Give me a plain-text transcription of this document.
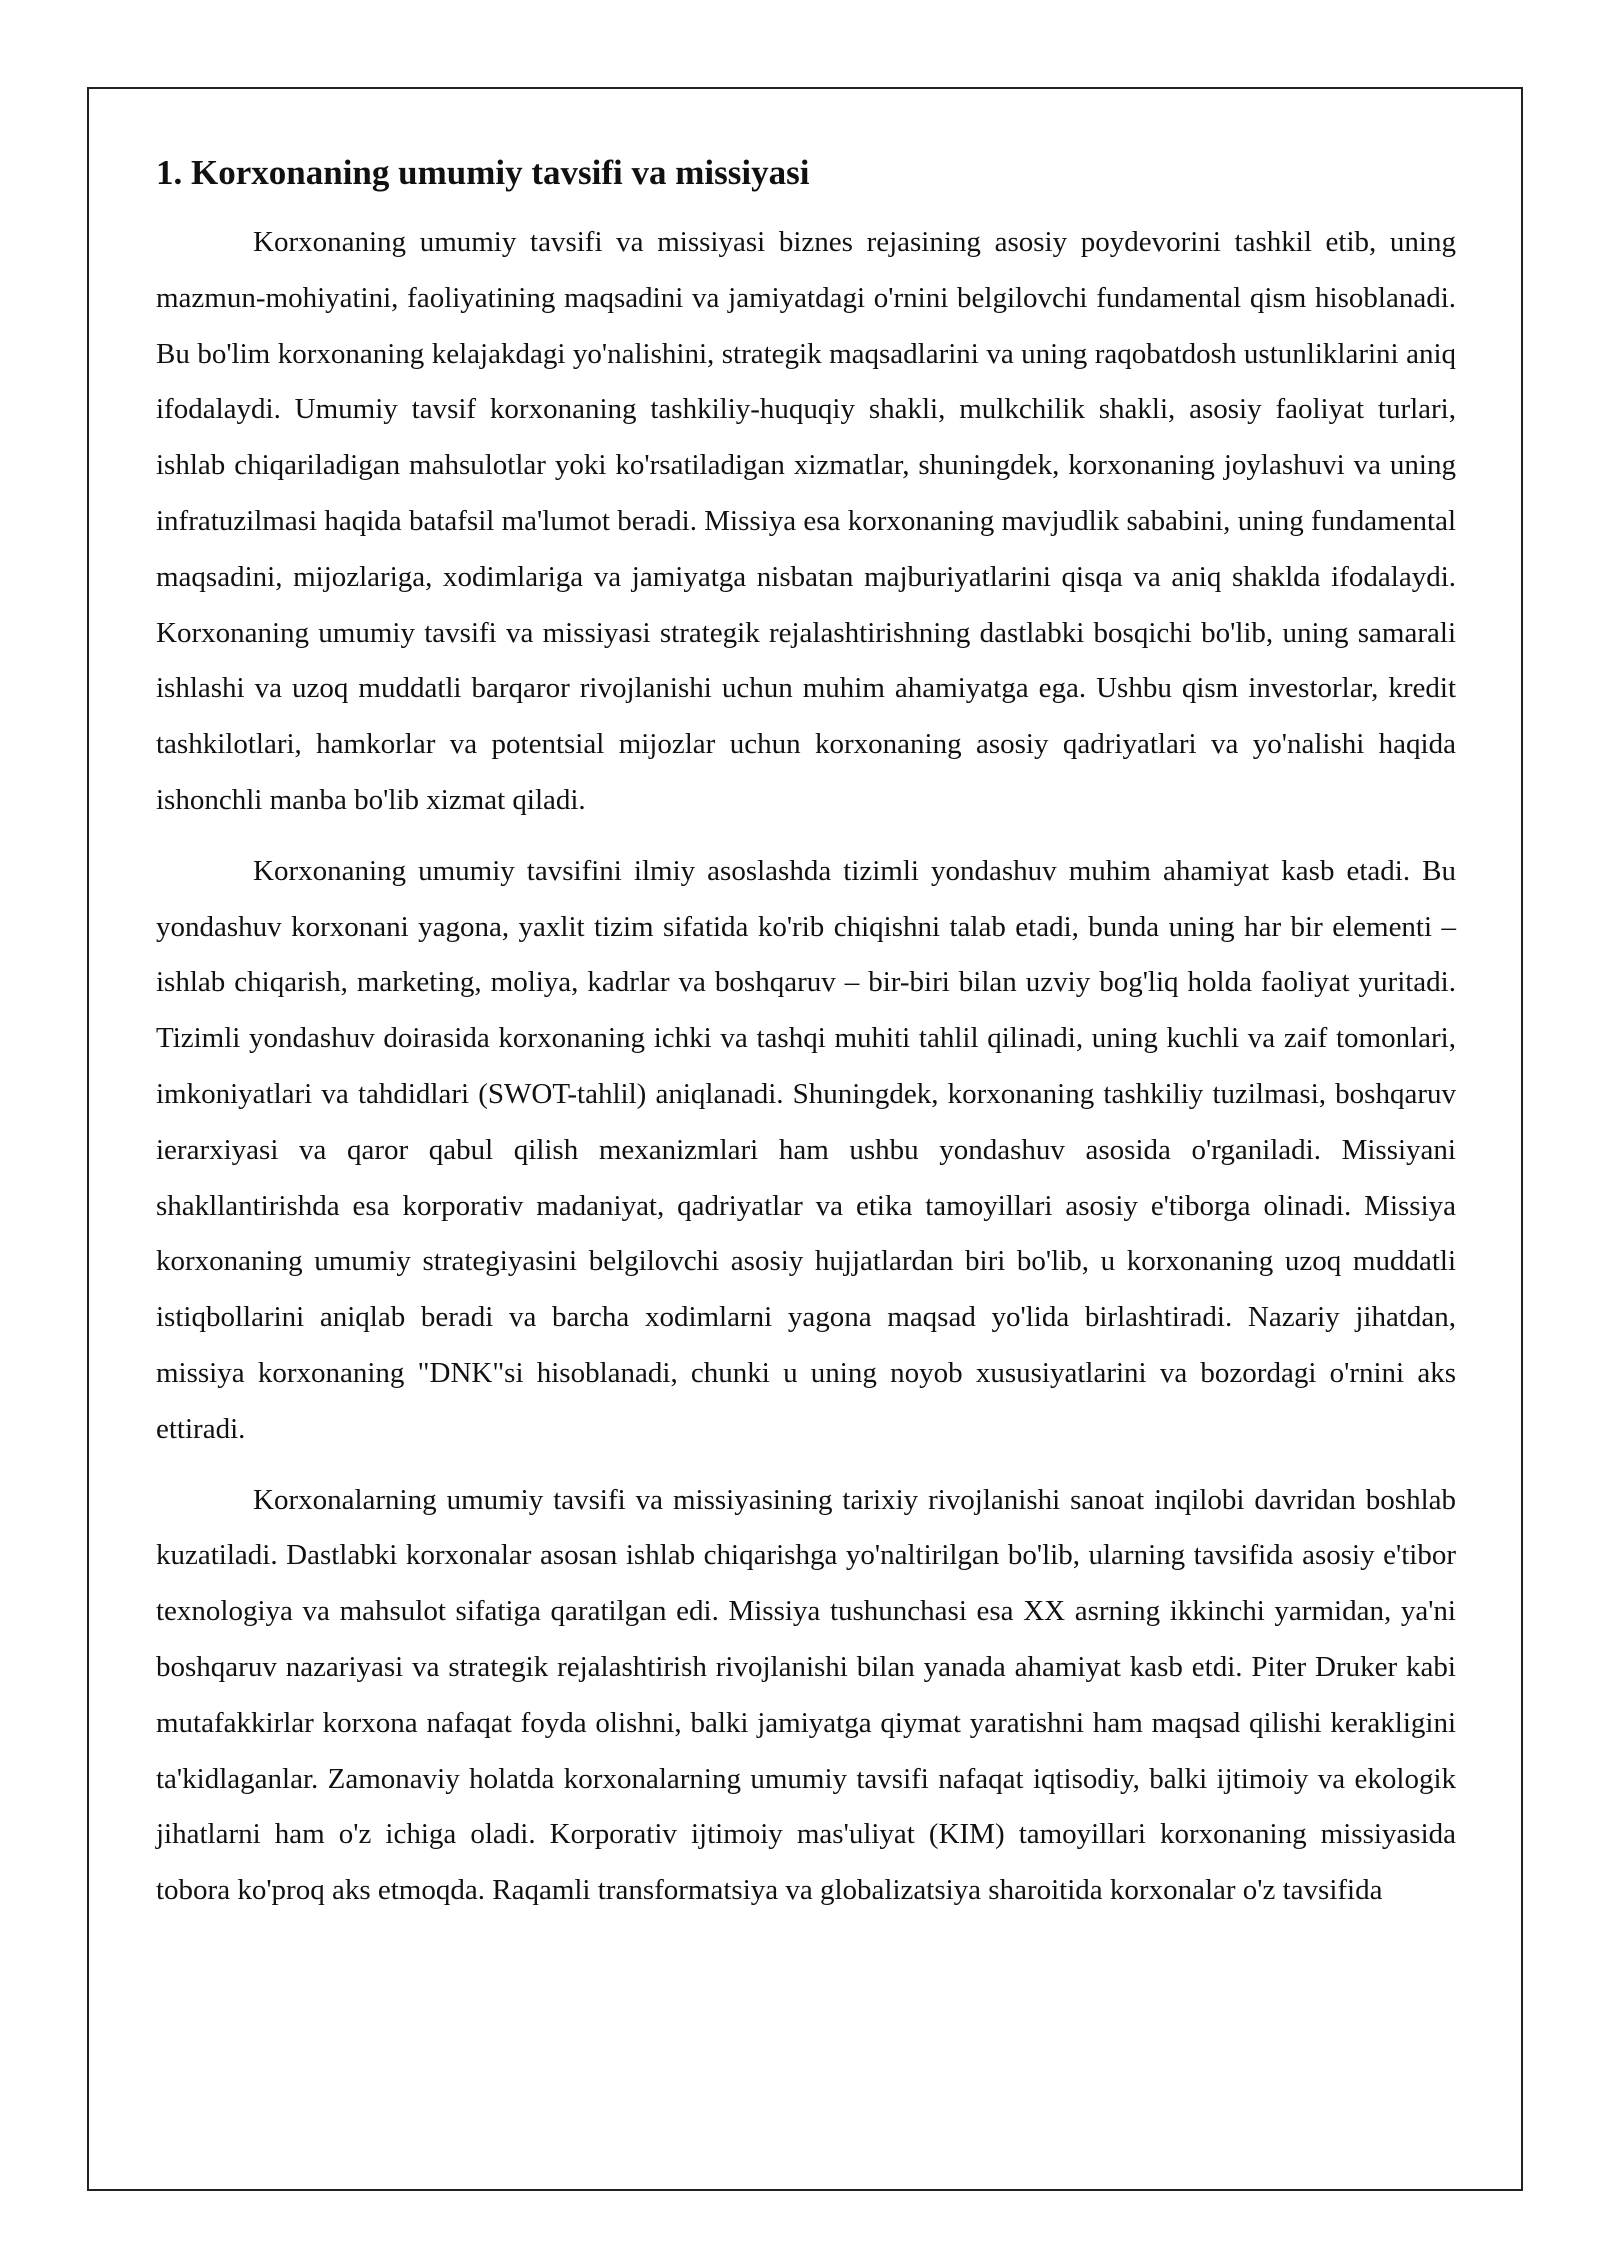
1. Korxonaning umumiy tavsifi va missiyasi

Korxonaning umumiy tavsifi va missiyasi biznes rejasining asosiy poydevorini tashkil etib, uning mazmun-mohiyatini, faoliyatining maqsadini va jamiyatdagi o'rnini belgilovchi fundamental qism hisoblanadi. Bu bo'lim korxonaning kelajakdagi yo'nalishini, strategik maqsadlarini va uning raqobatdosh ustunliklarini aniq ifodalaydi. Umumiy tavsif korxonaning tashkiliy-huquqiy shakli, mulkchilik shakli, asosiy faoliyat turlari, ishlab chiqariladigan mahsulotlar yoki ko'rsatiladigan xizmatlar, shuningdek, korxonaning joylashuvi va uning infratuzilmasi haqida batafsil ma'lumot beradi. Missiya esa korxonaning mavjudlik sababini, uning fundamental maqsadini, mijozlariga, xodimlariga va jamiyatga nisbatan majburiyatlarini qisqa va aniq shaklda ifodalaydi. Korxonaning umumiy tavsifi va missiyasi strategik rejalashtirishning dastlabki bosqichi bo'lib, uning samarali ishlashi va uzoq muddatli barqaror rivojlanishi uchun muhim ahamiyatga ega. Ushbu qism investorlar, kredit tashkilotlari, hamkorlar va potentsial mijozlar uchun korxonaning asosiy qadriyatlari va yo'nalishi haqida ishonchli manba bo'lib xizmat qiladi.

Korxonaning umumiy tavsifini ilmiy asoslashda tizimli yondashuv muhim ahamiyat kasb etadi. Bu yondashuv korxonani yagona, yaxlit tizim sifatida ko'rib chiqishni talab etadi, bunda uning har bir elementi – ishlab chiqarish, marketing, moliya, kadrlar va boshqaruv – bir-biri bilan uzviy bog'liq holda faoliyat yuritadi. Tizimli yondashuv doirasida korxonaning ichki va tashqi muhiti tahlil qilinadi, uning kuchli va zaif tomonlari, imkoniyatlari va tahdidlari (SWOT-tahlil) aniqlanadi. Shuningdek, korxonaning tashkiliy tuzilmasi, boshqaruv ierarxiyasi va qaror qabul qilish mexanizmlari ham ushbu yondashuv asosida o'rganiladi. Missiyani shakllantirishda esa korporativ madaniyat, qadriyatlar va etika tamoyillari asosiy e'tiborga olinadi. Missiya korxonaning umumiy strategiyasini belgilovchi asosiy hujjatlardan biri bo'lib, u korxonaning uzoq muddatli istiqbollarini aniqlab beradi va barcha xodimlarni yagona maqsad yo'lida birlashtiradi. Nazariy jihatdan, missiya korxonaning "DNK"si hisoblanadi, chunki u uning noyob xususiyatlarini va bozordagi o'rnini aks ettiradi.

Korxonalarning umumiy tavsifi va missiyasining tarixiy rivojlanishi sanoat inqilobi davridan boshlab kuzatiladi. Dastlabki korxonalar asosan ishlab chiqarishga yo'naltirilgan bo'lib, ularning tavsifida asosiy e'tibor texnologiya va mahsulot sifatiga qaratilgan edi. Missiya tushunchasi esa XX asrning ikkinchi yarmidan, ya'ni boshqaruv nazariyasi va strategik rejalashtirish rivojlanishi bilan yanada ahamiyat kasb etdi. Piter Druker kabi mutafakkirlar korxona nafaqat foyda olishni, balki jamiyatga qiymat yaratishni ham maqsad qilishi kerakligini ta'kidlaganlar. Zamonaviy holatda korxonalarning umumiy tavsifi nafaqat iqtisodiy, balki ijtimoiy va ekologik jihatlarni ham o'z ichiga oladi. Korporativ ijtimoiy mas'uliyat (KIM) tamoyillari korxonaning missiyasida tobora ko'proq aks etmoqda. Raqamli transformatsiya va globalizatsiya sharoitida korxonalar o'z tavsifida
